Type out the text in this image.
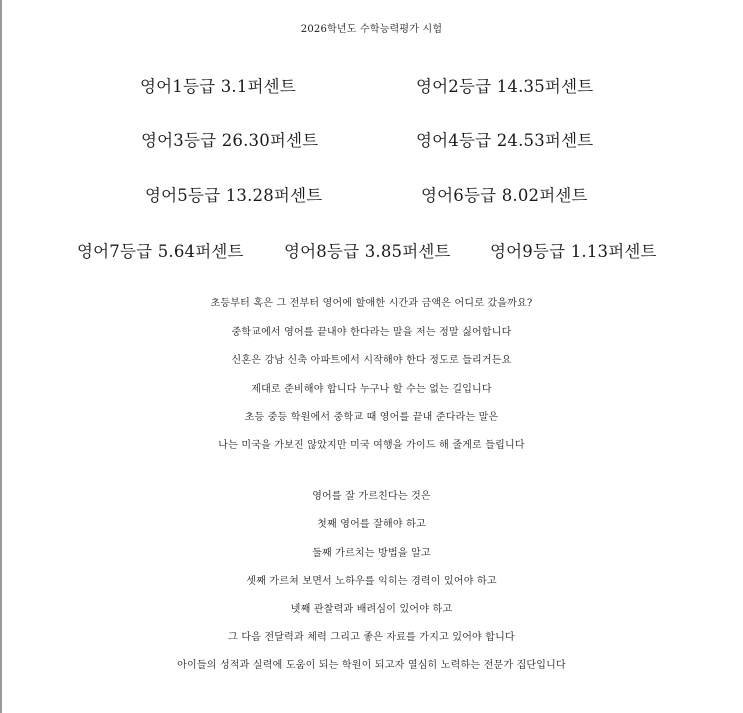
2026학년도 수학능력평가 시험
영어1등급 3.1퍼센트	영어2등급 14.35퍼센트
영어3등급 26.30퍼센트	영어4등급 24.53퍼센트
영어5등급 13.28퍼센트	영어6등급 8.02퍼센트
영어7등급 5.64퍼센트 영어8등급 3.85퍼센트 영어9등급 1.13퍼센트
초등부터 혹은 그 전부터 영어에 할애한 시간과 금액은 어디로 갔을까요?
중학교에서 영어를 끝내야 한다라는 말을 저는 정말 싫어합니다
신혼은 강남 신축 아파트에서 시작해야 한다 정도로 들리거든요
제대로 준비해야 합니다 누구나 할 수는 없는 길입니다
초등 중등 학원에서 중학교 때 영어를 끝내 준다라는 말은
나는 미국을 가보진 않았지만 미국 여행을 가이드 해 줄게로 들립니다
영어를 잘 가르친다는 것은
첫째 영어를 잘해야 하고
둘째 가르치는 방법을 알고
셋째 가르쳐 보면서 노하우를 익히는 경력이 있어야 하고
넷째 관찰력과 배려심이 있어야 하고
그 다음 전달력과 체력 그리고 좋은 자료를 가지고 있어야 합니다
아이들의 성적과 실력에 도움이 되는 학원이 되고자 열심히 노력하는 전문가 집단입니다
